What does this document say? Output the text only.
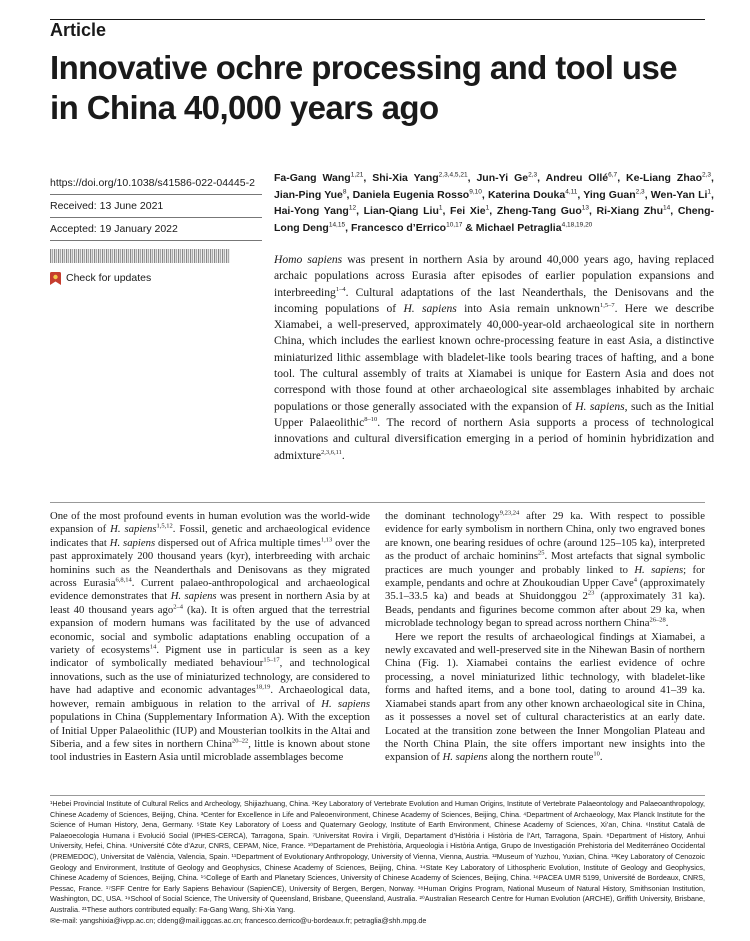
Article
Innovative ochre processing and tool use in China 40,000 years ago
https://doi.org/10.1038/s41586-022-04445-2
Received: 13 June 2021
Accepted: 19 January 2022
Check for updates
Fa-Gang Wang$^{1,21}$, Shi-Xia Yang$^{2,3,4,5,21}$, Jun-Yi Ge$^{2,3}$, Andreu Ollé$^{6,7}$, Ke-Liang Zhao$^{2,3}$, Jian-Ping Yue$^8$, Daniela Eugenia Rosso$^{9,10}$, Katerina Douka$^{4,11}$, Ying Guan$^{2,3}$, Wen-Yan Li$^1$, Hai-Yong Yang$^{12}$, Lian-Qiang Liu$^1$, Fei Xie$^1$, Zheng-Tang Guo$^{13}$, Ri-Xiang Zhu$^{14}$, Cheng-Long Deng$^{14,15}$, Francesco d’Errico$^{10,17}$ & Michael Petraglia$^{4,18,19,20}$

Homo sapiens was present in northern Asia by around 40,000 years ago, having replaced archaic populations across Eurasia after episodes of earlier population expansions and interbreeding$^{1-4}$. Cultural adaptations of the last Neanderthals, the Denisovans and the incoming populations of H. sapiens into Asia remain unknown$^{1,5-7}$. Here we describe Xiamabei, a well-preserved, approximately 40,000-year-old archaeological site in northern China, which includes the earliest known ochre-processing feature in east Asia, a distinctive miniaturized lithic assemblage with bladelet-like tools bearing traces of hafting, and a bone tool. The cultural assembly of traits at Xiamabei is unique for Eastern Asia and does not correspond with those found at other archaeological site assemblages inhabited by archaic populations or those generally associated with the expansion of H. sapiens, such as the Initial Upper Palaeolithic$^{8-10}$. The record of northern Asia supports a process of technological innovations and cultural diversification emerging in a period of hominin hybridization and admixture$^{2,3,6,11}$.

One of the most profound events in human evolution was the world-wide expansion of H. sapiens$^{1,5,12}$. Fossil, genetic and archaeological evidence indicates that H. sapiens dispersed out of Africa multiple times$^{1,13}$ over the past approximately 200 thousand years (kyr), interbreeding with archaic hominins such as the Neanderthals and Denisovans as they migrated across Eurasia$^{6,8,14}$. Current palaeo-anthropological and archaeological evidence demonstrates that H. sapiens was present in northern Asia by at least 40 thousand years ago$^{2-4}$ (ka). It is often argued that the terrestrial expansion of modern humans was facilitated by the use of advanced economic, social and symbolic adaptations enabling occupation of a variety of ecosystems$^{14}$. Pigment use in particular is seen as a key indicator of symbolically mediated behaviour$^{15-17}$, and technological innovations, such as the use of miniaturized technology, are considered to have had adaptive and economic advantages$^{18,19}$. Archaeological data, however, remain ambiguous in relation to the arrival of H. sapiens populations in China (Supplementary Information A). With the exception of Initial Upper Palaeolithic (IUP) and Mousterian toolkits in the Altai and Siberia, and a few sites in northern China$^{20-22}$, little is known about stone tool industries in Eastern Asia until microblade assemblages become

the dominant technology$^{9,23,24}$ after 29 ka. With respect to possible evidence for early symbolism in northern China, only two engraved bones are known, one bearing residues of ochre (around 125–105 ka), interpreted as the product of archaic hominins$^{25}$. Most artefacts that signal symbolic practices are much younger and probably linked to H. sapiens; for example, pendants and ochre at Zhoukoudian Upper Cave$^4$ (approximately 35.1–33.5 ka) and beads at Shuidonggou $2^{23}$ (approximately 31 ka). Beads, pendants and figurines become common after about 29 ka, when microblade technology began to spread across northern China$^{26-28}$.

Here we report the results of archaeological findings at Xiamabei, a newly excavated and well-preserved site in the Nihewan Basin of northern China (Fig. 1). Xiamabei contains the earliest evidence of ochre processing, a novel miniaturized lithic technology, with bladelet-like forms and hafted items, and a bone tool, dating to around 41–39 ka. Xiamabei stands apart from any other known archaeological site in China, as it possesses a novel set of cultural characteristics at an early date. Located at the transition zone between the Inner Mongolian Plateau and the North China Plain, the site offers important new insights into the expansion of H. sapiens along the northern route$^{10}$.

¹Hebei Provincial Institute of Cultural Relics and Archeology, Shijiazhuang, China. ²Key Laboratory of Vertebrate Evolution and Human Origins, Institute of Vertebrate Palaeontology and Palaeoanthropology, Chinese Academy of Sciences, Beijing, China. ³Center for Excellence in Life and Paleoenvironment, Chinese Academy of Sciences, Beijing, China. ⁴Department of Archaeology, Max Planck Institute for the Science of Human History, Jena, Germany. ⁵State Key Laboratory of Loess and Quaternary Geology, Institute of Earth Environment, Chinese Academy of Sciences, Xi’an, China. ⁶Institut Català de Palaeoecologia Humana i Evolució Social (IPHES-CERCA), Tarragona, Spain. ⁷Universitat Rovira i Virgili, Departament d’Història i Història de l’Art, Tarragona, Spain. ⁸Department of History, Anhui University, Hefei, China. ⁹Université Côte d’Azur, CNRS, CEPAM, Nice, France. ¹⁰Departament de Prehistòria, Arqueologia i Història Antiga, Grupo de Investigación Prehistoria del Mediterráneo Occidental (PREMEDOC), Universitat de València, Valencia, Spain. ¹¹Department of Evolutionary Anthropology, University of Vienna, Vienna, Austria. ¹²Museum of Yuzhou, Yuxian, China. ¹³Key Laboratory of Cenozoic Geology and Environment, Institute of Geology and Geophysics, Chinese Academy of Sciences, Beijing, China. ¹⁴State Key Laboratory of Lithospheric Evolution, Institute of Geology and Geophysics, Chinese Academy of Sciences, Beijing, China. ¹⁵College of Earth and Planetary Sciences, University of Chinese Academy of Sciences, Beijing, China. ¹⁶PACEA UMR 5199, Université de Bordeaux, CNRS, Pessac, France. ¹⁷SFF Centre for Early Sapiens Behaviour (SapienCE), University of Bergen, Bergen, Norway. ¹⁸Human Origins Program, National Museum of Natural History, Smithsonian Institution, Washington, DC, USA. ¹⁹School of Social Science, The University of Queensland, Brisbane, Queensland, Australia. ²⁰Australian Research Centre for Human Evolution (ARCHE), Griffith University, Brisbane, Australia. ²¹These authors contributed equally: Fa-Gang Wang, Shi-Xia Yang.
✉e-mail: yangshixia@ivpp.ac.cn; cldeng@mail.iggcas.ac.cn; francesco.derrico@u-bordeaux.fr; petraglia@shh.mpg.de
